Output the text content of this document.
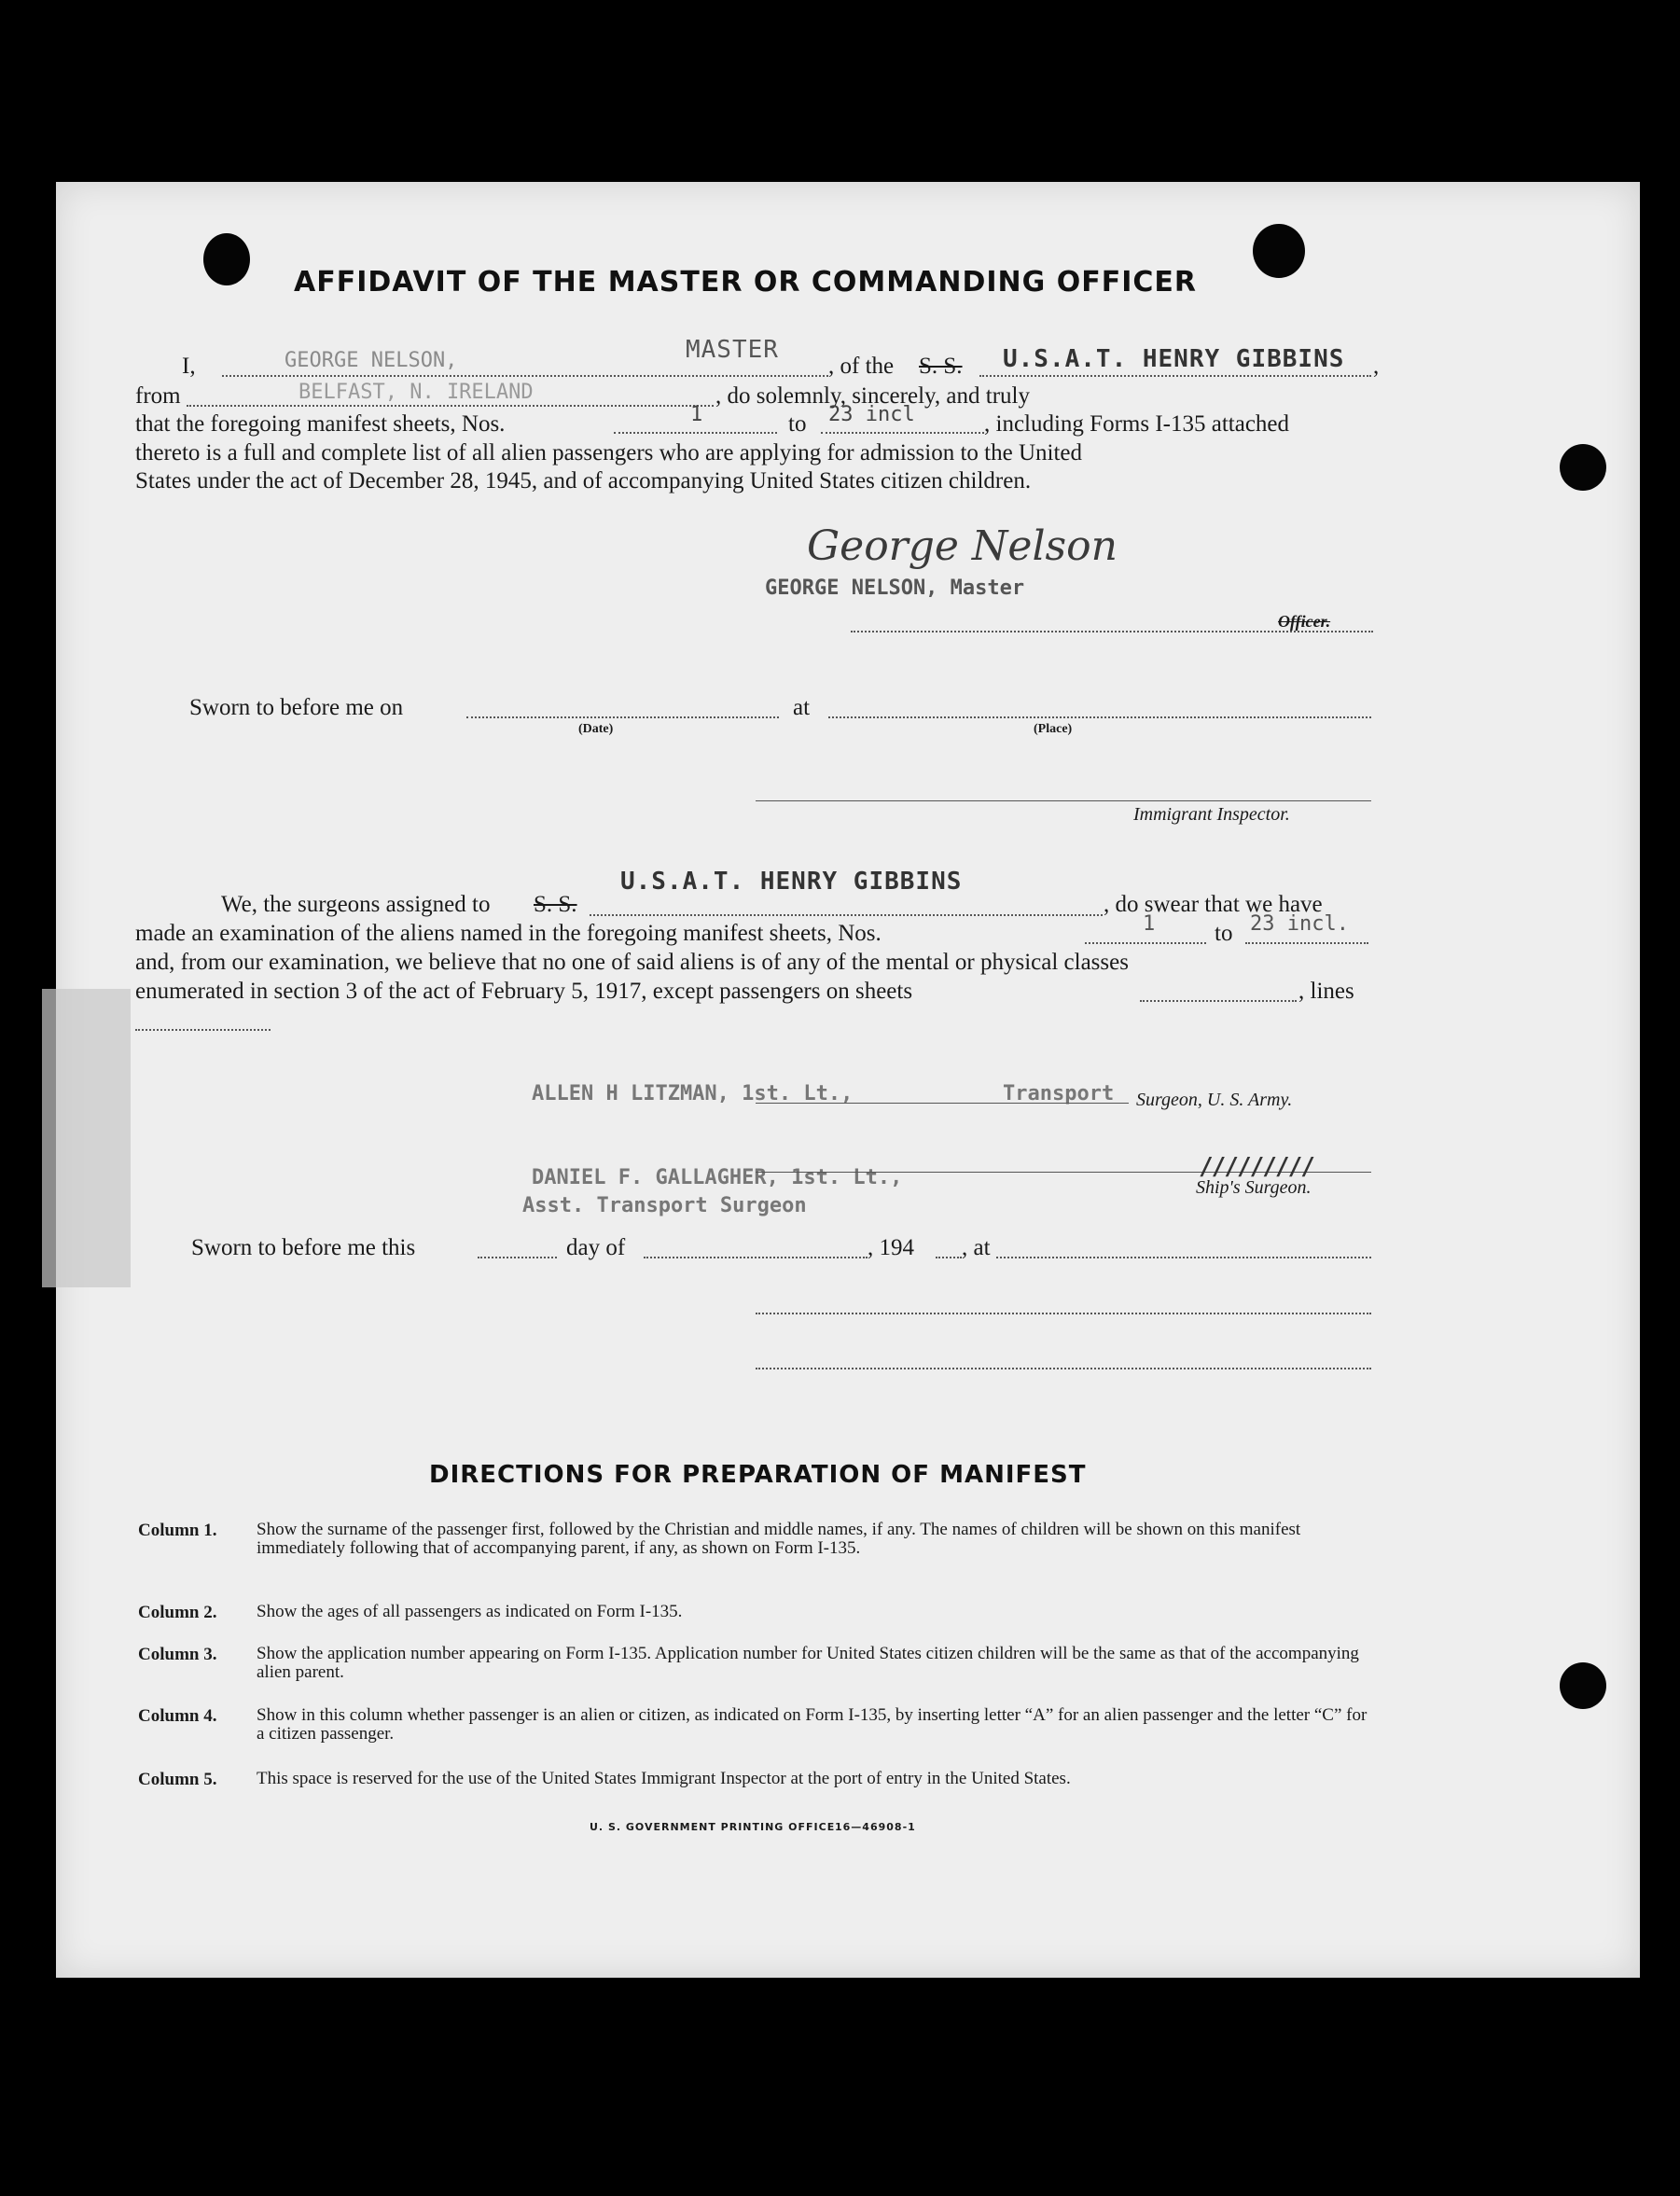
AFFIDAVIT OF THE MASTER OR COMMANDING OFFICER
I,	GEORGE NELSON,	MASTER
, of the S. S. U.S.A.T. HENRY GIBBINS ,
from	BELFAST, N. IRELAND	, do solemnly, sincerely, and truly
that the foregoing manifest sheets, Nos.	1	to 23 incl	, including Forms I-135 attached
thereto is a full and complete list of all alien passengers who are applying for admission to the United
States under the act of December 28, 1945, and of accompanying United States citizen children.
George Nelson
GEORGE NELSON, Master
Officer.
Sworn to before me on	at
(Date)	(Place)
Immigrant Inspector.
We, the surgeons assigned to S. S.
U.S.A.T. HENRY GIBBINS
, do swear that we have
made an examination of the aliens named in the foregoing manifest sheets, Nos.	1	to 23 incl.
and, from our examination, we believe that no one of said aliens is of any of the mental or physical classes
enumerated in section 3 of the act of February 5, 1917, except passengers on sheets	, lines
ALLEN H LITZMAN, 1st. Lt.,	Transport Surgeon, U. S. Army.
DANIEL F. GALLAGHER, 1st. Lt.,
Asst. Transport Surgeon
/////////
Ship's Surgeon.
Sworn to before me this	day of	, 194 , at
DIRECTIONS FOR PREPARATION OF MANIFEST
Column 1. Show the surname of the passenger first, followed by the Christian and middle names, if any. The names of children will be shown on this manifest immediately following that of accompanying parent, if any, as shown on Form I-135.
Column 2. Show the ages of all passengers as indicated on Form I-135.
Column 3. Show the application number appearing on Form I-135. Application number for United States citizen children will be the same as that of the accompanying alien parent.
Column 4. Show in this column whether passenger is an alien or citizen, as indicated on Form I-135, by inserting letter “A” for an alien passenger and the letter “C” for a citizen passenger.
Column 5. This space is reserved for the use of the United States Immigrant Inspector at the port of entry in the United States.
U. S. GOVERNMENT PRINTING OFFICE 16—46908-1
